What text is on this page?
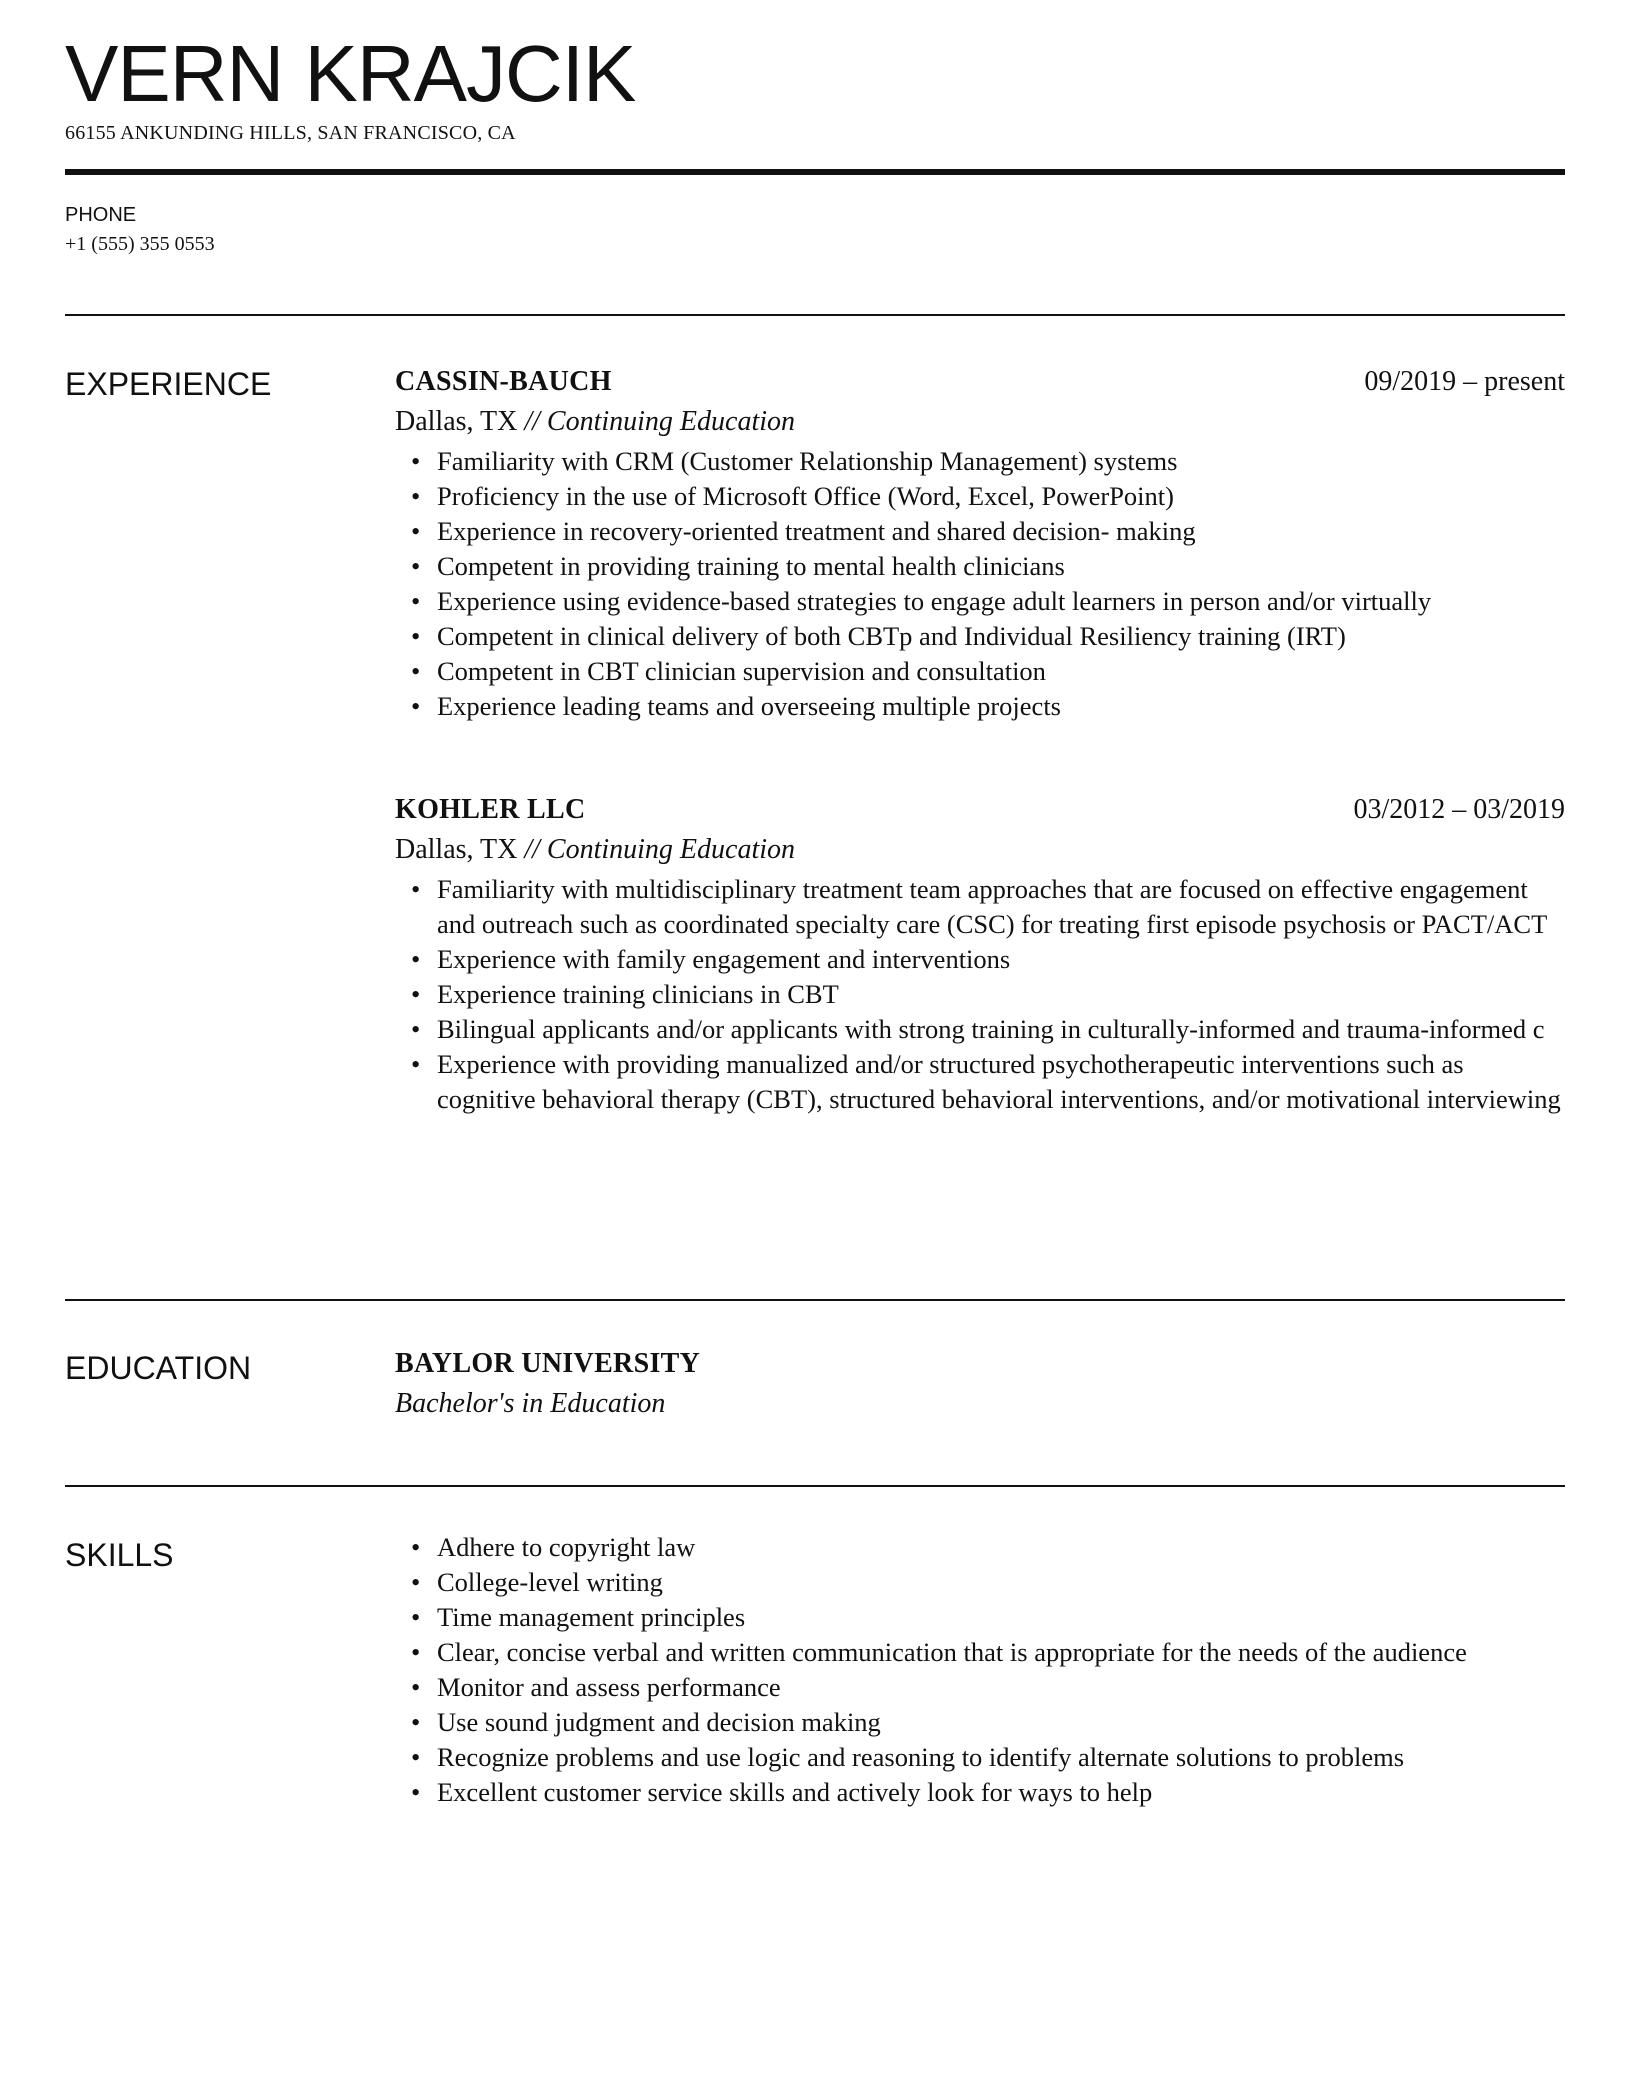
VERN KRAJCIK
66155 ANKUNDING HILLS, SAN FRANCISCO, CA
PHONE
+1 (555) 355 0553
EXPERIENCE	CASSIN-BAUCH	09/2019 – present
Dallas, TX // Continuing Education
• Familiarity with CRM (Customer Relationship Management) systems
• Proficiency in the use of Microsoft Office (Word, Excel, PowerPoint)
• Experience in recovery-oriented treatment and shared decision- making
• Competent in providing training to mental health clinicians
• Experience using evidence-based strategies to engage adult learners in person and/or virtually
• Competent in clinical delivery of both CBTp and Individual Resiliency training (IRT)
• Competent in CBT clinician supervision and consultation
• Experience leading teams and overseeing multiple projects
KOHLER LLC	03/2012 – 03/2019
Dallas, TX // Continuing Education
• Familiarity with multidisciplinary treatment team approaches that are focused on effective engagement and outreach such as coordinated specialty care (CSC) for treating first episode psychosis or PACT/ACT
• Experience with family engagement and interventions
• Experience training clinicians in CBT
• Bilingual applicants and/or applicants with strong training in culturally-informed and trauma-informed c
• Experience with providing manualized and/or structured psychotherapeutic interventions such as cognitive behavioral therapy (CBT), structured behavioral interventions, and/or motivational interviewing
EDUCATION	BAYLOR UNIVERSITY
Bachelor's in Education
SKILLS
•	Adhere to copyright law
• College-level writing
• Time management principles
• Clear, concise verbal and written communication that is appropriate for the needs of the audience
• Monitor and assess performance
• Use sound judgment and decision making
• Recognize problems and use logic and reasoning to identify alternate solutions to problems
• Excellent customer service skills and actively look for ways to help
